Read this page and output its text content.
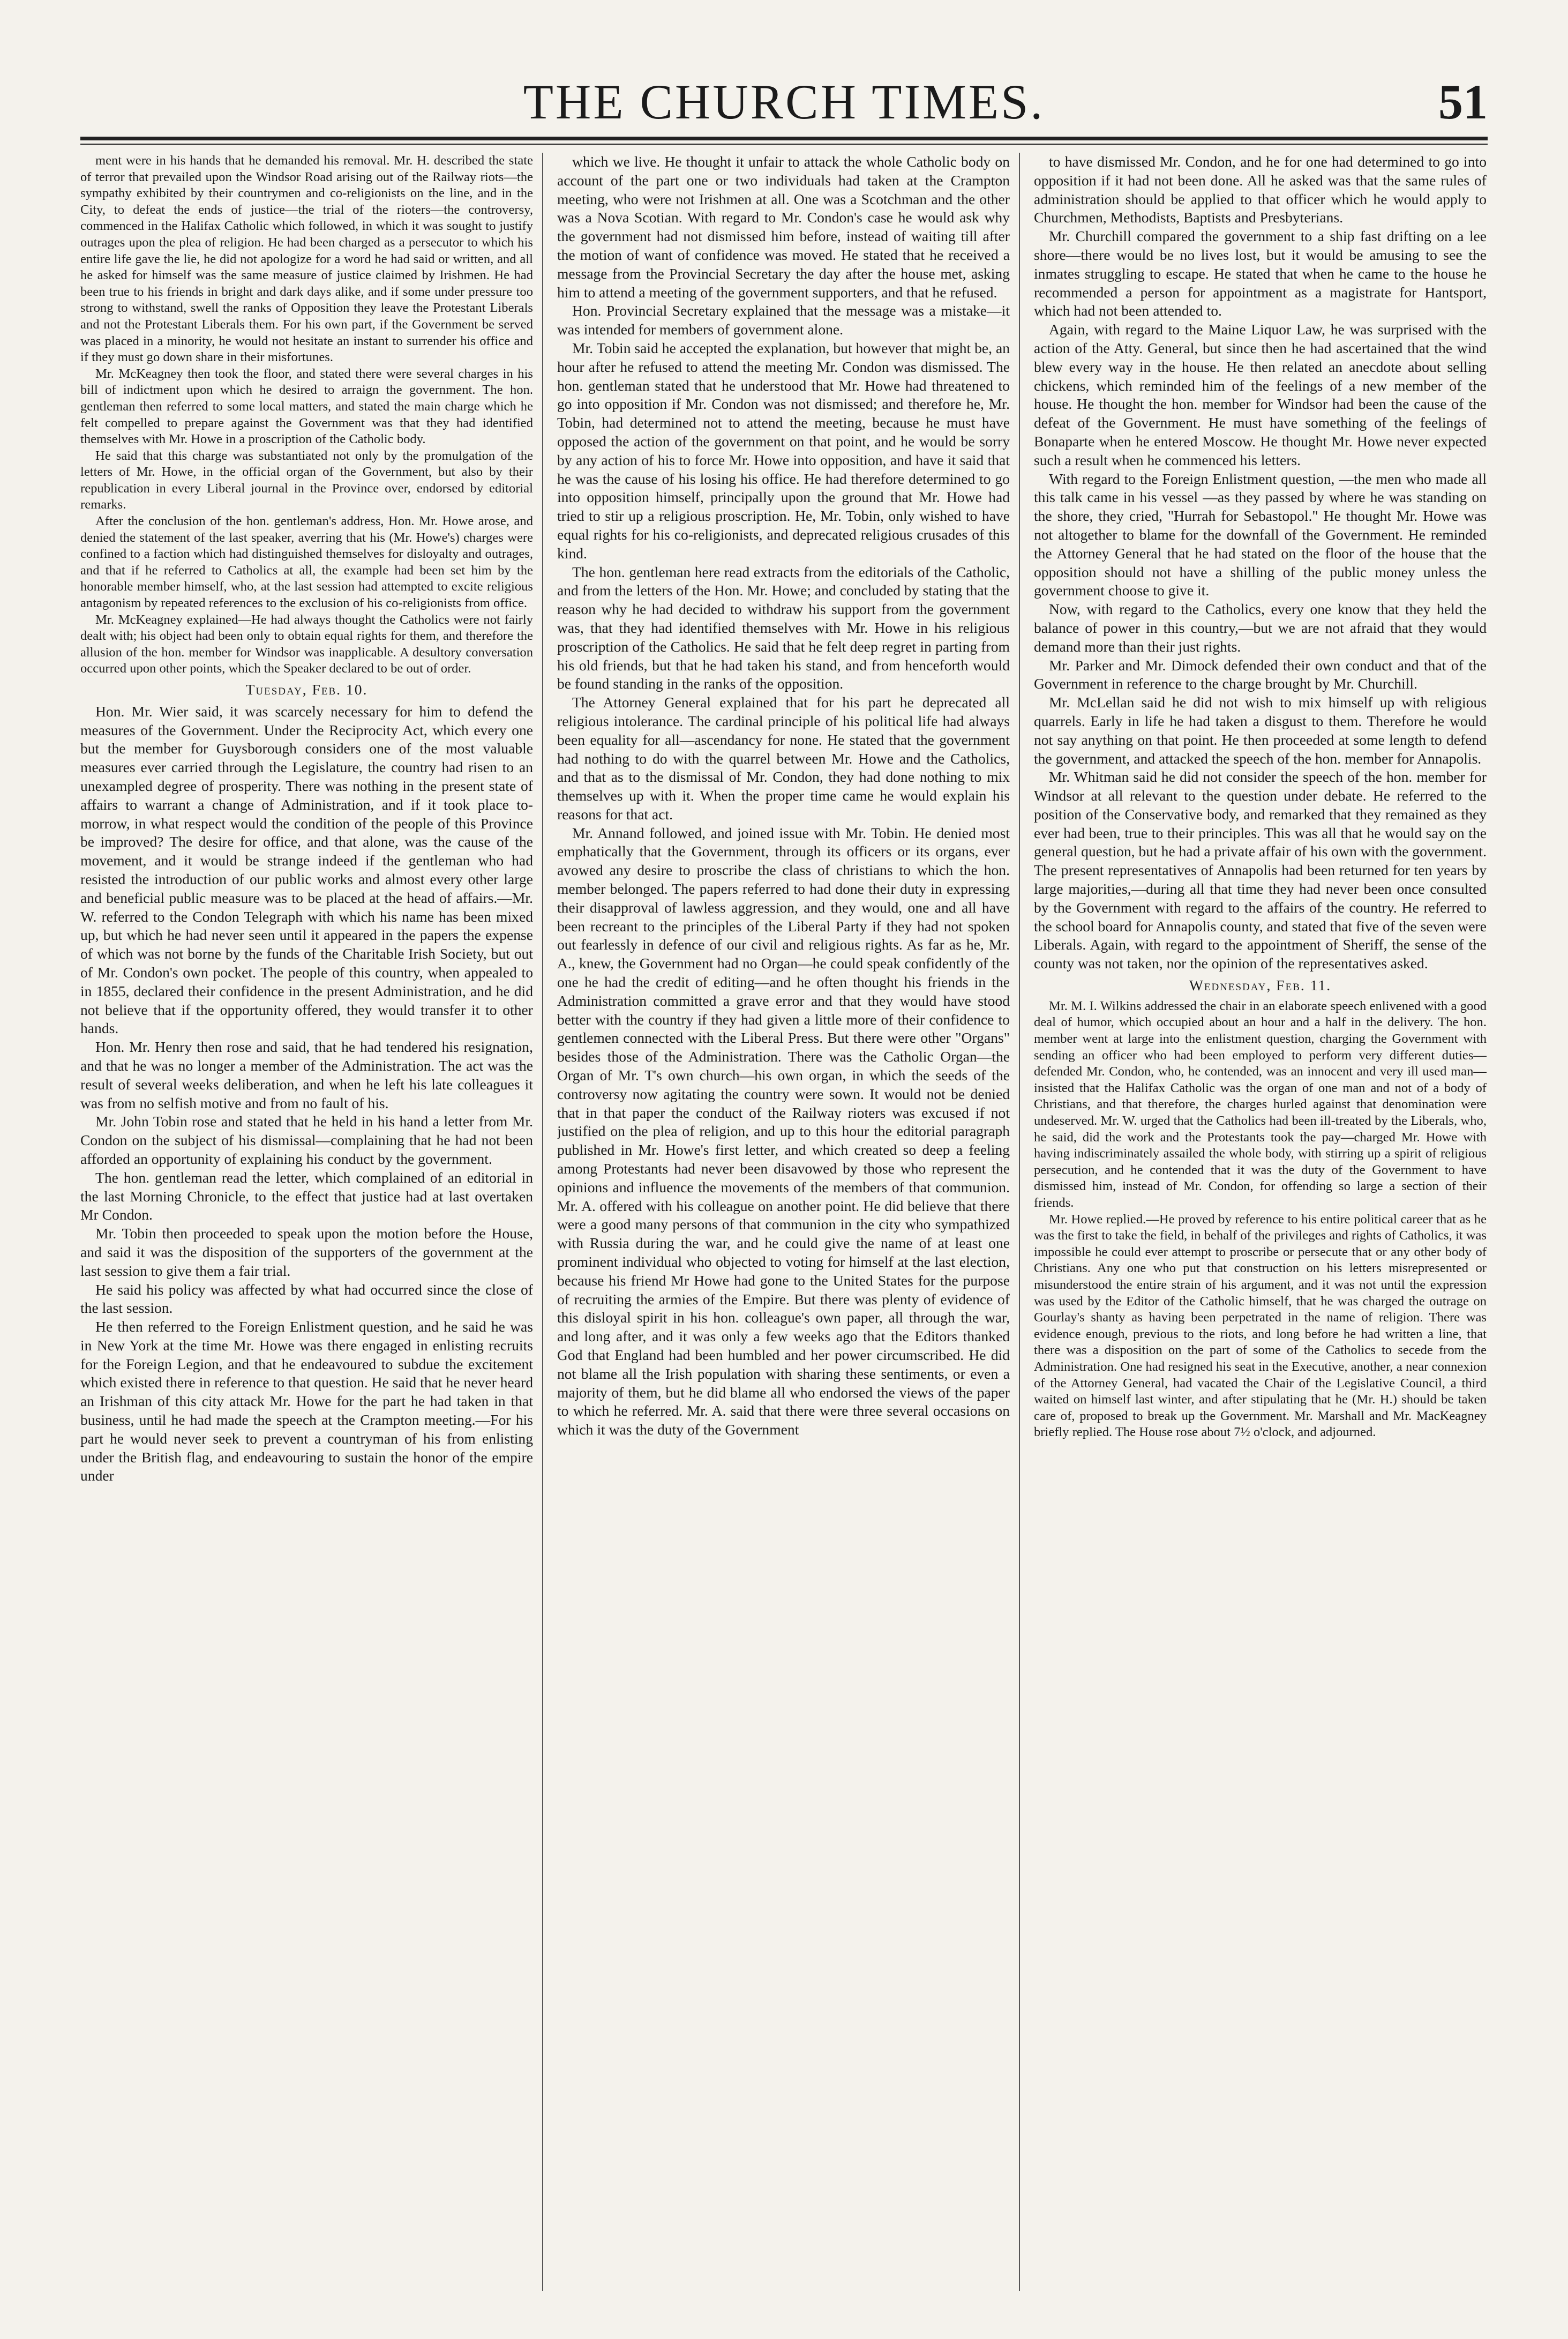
THE CHURCH TIMES.	51

ment were in his hands that he demanded his removal. Mr. H. described the state of terror that prevailed upon the Windsor Road arising out of the Railway riots—the sympathy exhibited by their countrymen and co-religionists on the line, and in the City, to defeat the ends of justice—the trial of the rioters—the controversy, commenced in the Halifax Catholic which followed, in which it was sought to justify outrages upon the plea of religion. He had been charged as a persecutor to which his entire life gave the lie, he did not apologize for a word he had said or written, and all he asked for himself was the same measure of justice claimed by Irishmen. He had been true to his friends in bright and dark days alike, and if some under pressure too strong to withstand, swell the ranks of Opposition they leave the Protestant Liberals and not the Protestant Liberals them. For his own part, if the Government be served was placed in a minority, he would not hesitate an instant to surrender his office and if they must go down share in their misfortunes.

Mr. McKeagney then took the floor, and stated there were several charges in his bill of indictment upon which he desired to arraign the government. The hon. gentleman then referred to some local matters, and stated the main charge which he felt compelled to prepare against the Government was that they had identified themselves with Mr. Howe in a proscription of the Catholic body.

He said that this charge was substantiated not only by the promulgation of the letters of Mr. Howe, in the official organ of the Government, but also by their republication in every Liberal journal in the Province over, endorsed by editorial remarks.

After the conclusion of the hon. gentleman's address, Hon. Mr. Howe arose, and denied the statement of the last speaker, averring that his (Mr. Howe's) charges were confined to a faction which had distinguished themselves for disloyalty and outrages, and that if he referred to Catholics at all, the example had been set him by the honorable member himself, who, at the last session had attempted to excite religious antagonism by repeated references to the exclusion of his co-religionists from office.

Mr. McKeagney explained—He had always thought the Catholics were not fairly dealt with; his object had been only to obtain equal rights for them, and therefore the allusion of the hon. member for Windsor was inapplicable. A desultory conversation occurred upon other points, which the Speaker declared to be out of order.

Tuesday, Feb. 10.

Hon. Mr. Wier said, it was scarcely necessary for him to defend the measures of the Government. Under the Reciprocity Act, which every one but the member for Guysborough considers one of the most valuable measures ever carried through the Legislature, the country had risen to an unexampled degree of prosperity. There was nothing in the present state of affairs to warrant a change of Administration, and if it took place to-morrow, in what respect would the condition of the people of this Province be improved? The desire for office, and that alone, was the cause of the movement, and it would be strange indeed if the gentleman who had resisted the introduction of our public works and almost every other large and beneficial public measure was to be placed at the head of affairs.—Mr. W. referred to the Condon Telegraph with which his name has been mixed up, but which he had never seen until it appeared in the papers the expense of which was not borne by the funds of the Charitable Irish Society, but out of Mr. Condon's own pocket. The people of this country, when appealed to in 1855, declared their confidence in the present Administration, and he did not believe that if the opportunity offered, they would transfer it to other hands.

Hon. Mr. Henry then rose and said, that he had tendered his resignation, and that he was no longer a member of the Administration. The act was the result of several weeks deliberation, and when he left his late colleagues it was from no selfish motive and from no fault of his.

Mr. John Tobin rose and stated that he held in his hand a letter from Mr. Condon on the subject of his dismissal—complaining that he had not been afforded an opportunity of explaining his conduct by the government.

The hon. gentleman read the letter, which complained of an editorial in the last Morning Chronicle, to the effect that justice had at last overtaken Mr Condon.

Mr. Tobin then proceeded to speak upon the motion before the House, and said it was the disposition of the supporters of the government at the last session to give them a fair trial.

He said his policy was affected by what had occurred since the close of the last session.

He then referred to the Foreign Enlistment question, and he said he was in New York at the time Mr. Howe was there engaged in enlisting recruits for the Foreign Legion, and that he endeavoured to subdue the excitement which existed there in reference to that question. He said that he never heard an Irishman of this city attack Mr. Howe for the part he had taken in that business, until he had made the speech at the Crampton meeting.—For his part he would never seek to prevent a countryman of his from enlisting under the British flag, and endeavouring to sustain the honor of the empire under

which we live. He thought it unfair to attack the whole Catholic body on account of the part one or two individuals had taken at the Crampton meeting, who were not Irishmen at all. One was a Scotchman and the other was a Nova Scotian. With regard to Mr. Condon's case he would ask why the government had not dismissed him before, instead of waiting till after the motion of want of confidence was moved. He stated that he received a message from the Provincial Secretary the day after the house met, asking him to attend a meeting of the government supporters, and that he refused.

Hon. Provincial Secretary explained that the message was a mistake—it was intended for members of government alone.

Mr. Tobin said he accepted the explanation, but however that might be, an hour after he refused to attend the meeting Mr. Condon was dismissed. The hon. gentleman stated that he understood that Mr. Howe had threatened to go into opposition if Mr. Condon was not dismissed; and therefore he, Mr. Tobin, had determined not to attend the meeting, because he must have opposed the action of the government on that point, and he would be sorry by any action of his to force Mr. Howe into opposition, and have it said that he was the cause of his losing his office. He had therefore determined to go into opposition himself, principally upon the ground that Mr. Howe had tried to stir up a religious proscription. He, Mr. Tobin, only wished to have equal rights for his co-religionists, and deprecated religious crusades of this kind.

The hon. gentleman here read extracts from the editorials of the Catholic, and from the letters of the Hon. Mr. Howe; and concluded by stating that the reason why he had decided to withdraw his support from the government was, that they had identified themselves with Mr. Howe in his religious proscription of the Catholics. He said that he felt deep regret in parting from his old friends, but that he had taken his stand, and from henceforth would be found standing in the ranks of the opposition.

The Attorney General explained that for his part he deprecated all religious intolerance. The cardinal principle of his political life had always been equality for all—ascendancy for none. He stated that the government had nothing to do with the quarrel between Mr. Howe and the Catholics, and that as to the dismissal of Mr. Condon, they had done nothing to mix themselves up with it. When the proper time came he would explain his reasons for that act.

Mr. Annand followed, and joined issue with Mr. Tobin. He denied most emphatically that the Government, through its officers or its organs, ever avowed any desire to proscribe the class of christians to which the hon. member belonged. The papers referred to had done their duty in expressing their disapproval of lawless aggression, and they would, one and all have been recreant to the principles of the Liberal Party if they had not spoken out fearlessly in defence of our civil and religious rights. As far as he, Mr. A., knew, the Government had no Organ—he could speak confidently of the one he had the credit of editing—and he often thought his friends in the Administration committed a grave error and that they would have stood better with the country if they had given a little more of their confidence to gentlemen connected with the Liberal Press. But there were other "Organs" besides those of the Administration. There was the Catholic Organ—the Organ of Mr. T's own church—his own organ, in which the seeds of the controversy now agitating the country were sown. It would not be denied that in that paper the conduct of the Railway rioters was excused if not justified on the plea of religion, and up to this hour the editorial paragraph published in Mr. Howe's first letter, and which created so deep a feeling among Protestants had never been disavowed by those who represent the opinions and influence the movements of the members of that communion. Mr. A. offered with his colleague on another point. He did believe that there were a good many persons of that communion in the city who sympathized with Russia during the war, and he could give the name of at least one prominent individual who objected to voting for himself at the last election, because his friend Mr Howe had gone to the United States for the purpose of recruiting the armies of the Empire. But there was plenty of evidence of this disloyal spirit in his hon. colleague's own paper, all through the war, and long after, and it was only a few weeks ago that the Editors thanked God that England had been humbled and her power circumscribed. He did not blame all the Irish population with sharing these sentiments, or even a majority of them, but he did blame all who endorsed the views of the paper to which he referred. Mr. A. said that there were three several occasions on which it was the duty of the Government

to have dismissed Mr. Condon, and he for one had determined to go into opposition if it had not been done. All he asked was that the same rules of administration should be applied to that officer which he would apply to Churchmen, Methodists, Baptists and Presbyterians.

Mr. Churchill compared the government to a ship fast drifting on a lee shore—there would be no lives lost, but it would be amusing to see the inmates struggling to escape. He stated that when he came to the house he recommended a person for appointment as a magistrate for Hantsport, which had not been attended to.

Again, with regard to the Maine Liquor Law, he was surprised with the action of the Atty. General, but since then he had ascertained that the wind blew every way in the house. He then related an anecdote about selling chickens, which reminded him of the feelings of a new member of the house. He thought the hon. member for Windsor had been the cause of the defeat of the Government. He must have something of the feelings of Bonaparte when he entered Moscow. He thought Mr. Howe never expected such a result when he commenced his letters.

With regard to the Foreign Enlistment question, —the men who made all this talk came in his vessel —as they passed by where he was standing on the shore, they cried, "Hurrah for Sebastopol." He thought Mr. Howe was not altogether to blame for the downfall of the Government. He reminded the Attorney General that he had stated on the floor of the house that the opposition should not have a shilling of the public money unless the government choose to give it.

Now, with regard to the Catholics, every one know that they held the balance of power in this country,—but we are not afraid that they would demand more than their just rights.

Mr. Parker and Mr. Dimock defended their own conduct and that of the Government in reference to the charge brought by Mr. Churchill.

Mr. McLellan said he did not wish to mix himself up with religious quarrels. Early in life he had taken a disgust to them. Therefore he would not say anything on that point. He then proceeded at some length to defend the government, and attacked the speech of the hon. member for Annapolis.

Mr. Whitman said he did not consider the speech of the hon. member for Windsor at all relevant to the question under debate. He referred to the position of the Conservative body, and remarked that they remained as they ever had been, true to their principles. This was all that he would say on the general question, but he had a private affair of his own with the government. The present representatives of Annapolis had been returned for ten years by large majorities,—during all that time they had never been once consulted by the Government with regard to the affairs of the country. He referred to the school board for Annapolis county, and stated that five of the seven were Liberals. Again, with regard to the appointment of Sheriff, the sense of the county was not taken, nor the opinion of the representatives asked.

Wednesday, Feb. 11.

Mr. M. I. Wilkins addressed the chair in an elaborate speech enlivened with a good deal of humor, which occupied about an hour and a half in the delivery. The hon. member went at large into the enlistment question, charging the Government with sending an officer who had been employed to perform very different duties—defended Mr. Condon, who, he contended, was an innocent and very ill used man—insisted that the Halifax Catholic was the organ of one man and not of a body of Christians, and that therefore, the charges hurled against that denomination were undeserved. Mr. W. urged that the Catholics had been ill-treated by the Liberals, who, he said, did the work and the Protestants took the pay—charged Mr. Howe with having indiscriminately assailed the whole body, with stirring up a spirit of religious persecution, and he contended that it was the duty of the Government to have dismissed him, instead of Mr. Condon, for offending so large a section of their friends.

Mr. Howe replied.—He proved by reference to his entire political career that as he was the first to take the field, in behalf of the privileges and rights of Catholics, it was impossible he could ever attempt to proscribe or persecute that or any other body of Christians. Any one who put that construction on his letters misrepresented or misunderstood the entire strain of his argument, and it was not until the expression was used by the Editor of the Catholic himself, that he was charged the outrage on Gourlay's shanty as having been perpetrated in the name of religion. There was evidence enough, previous to the riots, and long before he had written a line, that there was a disposition on the part of some of the Catholics to secede from the Administration. One had resigned his seat in the Executive, another, a near connexion of the Attorney General, had vacated the Chair of the Legislative Council, a third waited on himself last winter, and after stipulating that he (Mr. H.) should be taken care of, proposed to break up the Government. Mr. Marshall and Mr. MacKeagney briefly replied. The House rose about 7½ o'clock, and adjourned.
